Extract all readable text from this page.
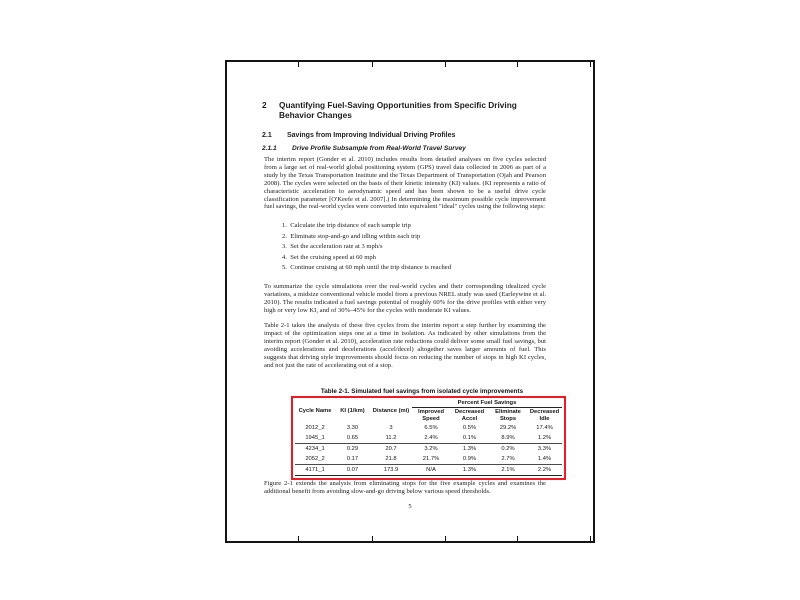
2	Quantifying Fuel-Saving Opportunities from Specific Driving Behavior Changes
2.1	Savings from Improving Individual Driving Profiles
2.1.1	Drive Profile Subsample from Real-World Travel Survey
The interim report (Gonder et al. 2010) includes results from detailed analyses on five cycles selected from a large set of real-world global positioning system (GPS) travel data collected in 2006 as part of a study by the Texas Transportation Institute and the Texas Department of Transportation (Ojah and Pearson 2008). The cycles were selected on the basis of their kinetic intensity (KI) values. (KI represents a ratio of characteristic acceleration to aerodynamic speed and has been shown to be a useful drive cycle classification parameter [O'Keefe et al. 2007].) In determining the maximum possible cycle improvement fuel savings, the real-world cycles were converted into equivalent "ideal" cycles using the following steps:
1. Calculate the trip distance of each sample trip
2. Eliminate stop-and-go and idling within each trip
3. Set the acceleration rate at 3 mph/s
4. Set the cruising speed at 60 mph
5. Continue cruising at 60 mph until the trip distance is reached
To summarize the cycle simulations over the real-world cycles and their corresponding idealized cycle variations, a midsize conventional vehicle model from a previous NREL study was used (Earleywine et al. 2010). The results indicated a fuel savings potential of roughly 60% for the drive profiles with either very high or very low KI, and of 30%–45% for the cycles with moderate KI values.
Table 2-1 takes the analysis of these five cycles from the interim report a step further by examining the impact of the optimization steps one at a time in isolation. As indicated by other simulations from the interim report (Gonder et al. 2010), acceleration rate reductions could deliver some small fuel savings, but avoiding accelerations and decelerations (accel/decel) altogether saves larger amounts of fuel. This suggests that driving style improvements should focus on reducing the number of stops in high KI cycles, and not just the rate of accelerating out of a stop.
Table 2-1. Simulated fuel savings from isolated cycle improvements
Cycle Name	KI (1/km)	Distance (mi)	Percent Fuel Savings			
			Improved Speed	Decreased Accel	Eliminate Stops	Decreased Idle
2012_2	3.30	3	6.5%	0.5%	29.2%	17.4%
1945_1	0.65	11.2	2.4%	0.1%	8.9%	1.2%
4234_1	0.29	20.7	3.2%	1.3%	0.2%	3.3%
2052_2	0.17	21.8	21.7%	0.9%	2.7%	1.4%
4171_1	0.07	173.9	N/A	1.3%	2.1%	2.2%
Figure 2-1 extends the analysis from eliminating stops for the five example cycles and examines the additional benefit from avoiding slow-and-go driving below various speed thresholds.
5
